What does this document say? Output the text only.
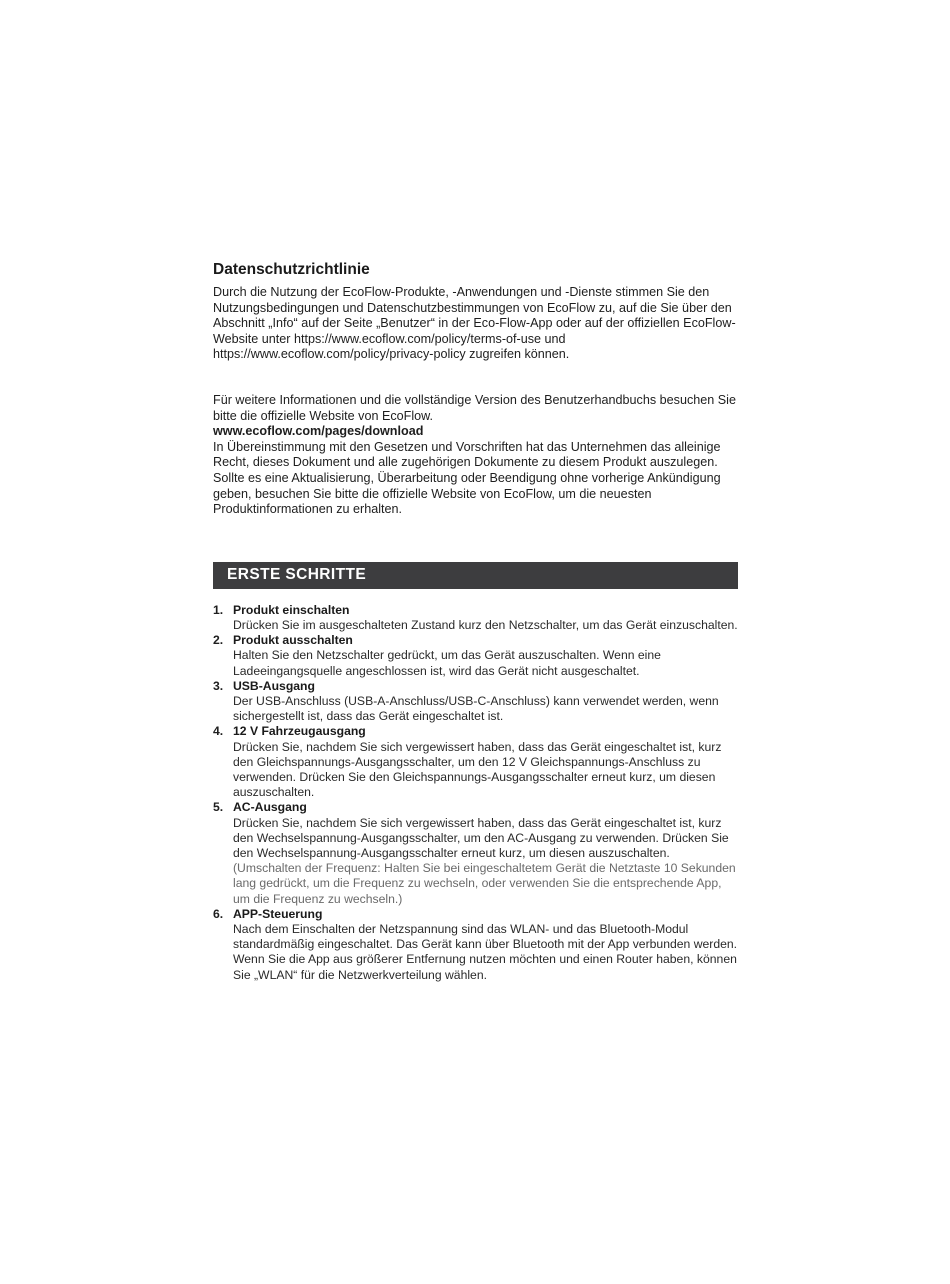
Datenschutzrichtlinie

Durch die Nutzung der EcoFlow-Produkte, -Anwendungen und -Dienste stimmen Sie den Nutzungsbedingungen und Datenschutzbestimmungen von EcoFlow zu, auf die Sie über den Abschnitt „Info“ auf der Seite „Benutzer“ in der Eco-Flow-App oder auf der offiziellen EcoFlow-Website unter https://www.ecoflow.com/policy/terms-of-use und https://www.ecoflow.com/policy/privacy-policy zugreifen können.

Für weitere Informationen und die vollständige Version des Benutzerhandbuchs besuchen Sie bitte die offizielle Website von EcoFlow.

www.ecoflow.com/pages/download

In Übereinstimmung mit den Gesetzen und Vorschriften hat das Unternehmen das alleinige Recht, dieses Dokument und alle zugehörigen Dokumente zu diesem Produkt auszulegen. Sollte es eine Aktualisierung, Überarbeitung oder Beendigung ohne vorherige Ankündigung geben, besuchen Sie bitte die offizielle Website von EcoFlow, um die neuesten Produktinformationen zu erhalten.

ERSTE SCHRITTE
1. Produkt einschalten
Drücken Sie im ausgeschalteten Zustand kurz den Netzschalter, um das Gerät einzuschalten.
2. Produkt ausschalten
Halten Sie den Netzschalter gedrückt, um das Gerät auszuschalten. Wenn eine Ladeeingangsquelle angeschlossen ist, wird das Gerät nicht ausgeschaltet.
3. USB-Ausgang
Der USB-Anschluss (USB-A-Anschluss/USB-C-Anschluss) kann verwendet werden, wenn sichergestellt ist, dass das Gerät eingeschaltet ist.
4. 12 V Fahrzeugausgang
Drücken Sie, nachdem Sie sich vergewissert haben, dass das Gerät eingeschaltet ist, kurz den Gleichspannungs-Ausgangsschalter, um den 12 V Gleichspannungs-Anschluss zu verwenden. Drücken Sie den Gleichspannungs-Ausgangsschalter erneut kurz, um diesen auszuschalten.
5. AC-Ausgang
Drücken Sie, nachdem Sie sich vergewissert haben, dass das Gerät eingeschaltet ist, kurz den Wechselspannung-Ausgangsschalter, um den AC-Ausgang zu verwenden. Drücken Sie den Wechselspannung-Ausgangsschalter erneut kurz, um diesen auszuschalten.(Umschalten der Frequenz: Halten Sie bei eingeschaltetem Gerät die Netztaste 10 Sekunden lang gedrückt, um die Frequenz zu wechseln, oder verwenden Sie die entsprechende App, um die Frequenz zu wechseln.)
6. APP-Steuerung
Nach dem Einschalten der Netzspannung sind das WLAN- und das Bluetooth-Modul standardmäßig eingeschaltet. Das Gerät kann über Bluetooth mit der App verbunden werden. Wenn Sie die App aus größerer Entfernung nutzen möchten und einen Router haben, können Sie „WLAN“ für die Netzwerkverteilung wählen.
